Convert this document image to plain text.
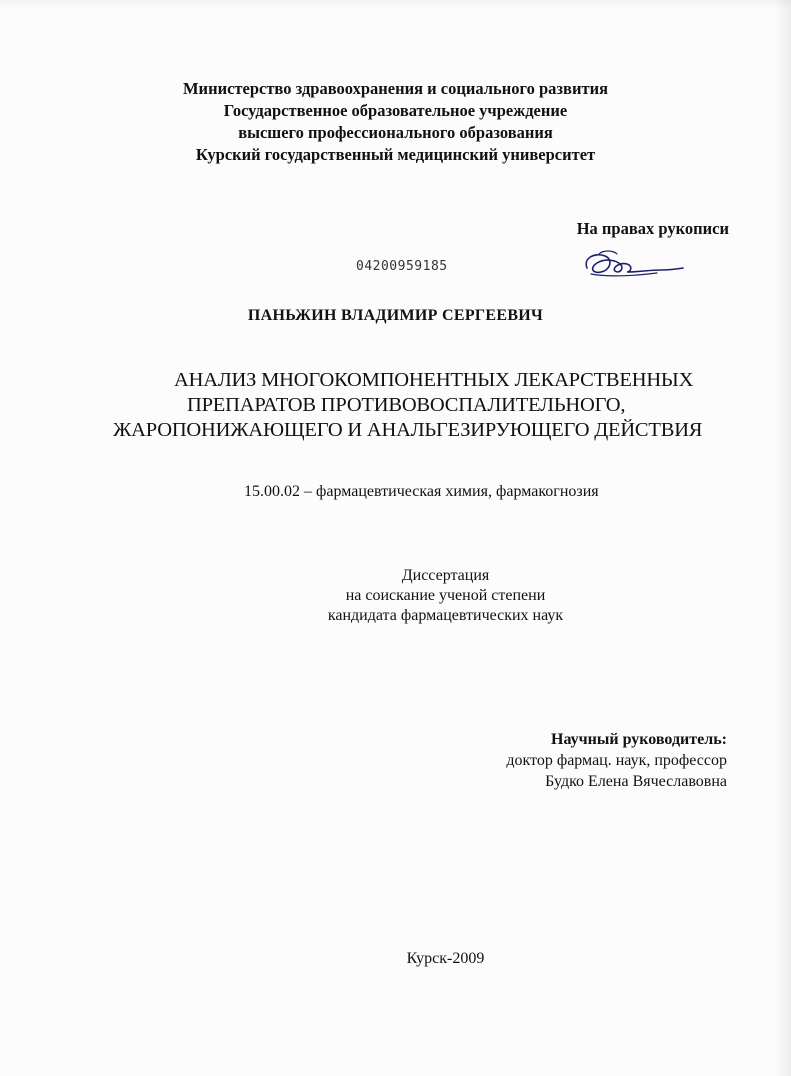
Министерство здравоохранения и социального развития
Государственное образовательное учреждение
высшего профессионального образования
Курский государственный медицинский университет
На правах рукописи
04200959185
ПАНЬЖИН ВЛАДИМИР СЕРГЕЕВИЧ
АНАЛИЗ МНОГОКОМПОНЕНТНЫХ ЛЕКАРСТВЕННЫХ
ПРЕПАРАТОВ ПРОТИВОВОСПАЛИТЕЛЬНОГО,
ЖАРОПОНИЖАЮЩЕГО И АНАЛЬГЕЗИРУЮЩЕГО ДЕЙСТВИЯ
15.00.02 – фармацевтическая химия, фармакогнозия
Диссертация
на соискание ученой степени
кандидата фармацевтических наук
Научный руководитель:
доктор фармац. наук, профессор
Будко Елена Вячеславовна
Курск-2009
